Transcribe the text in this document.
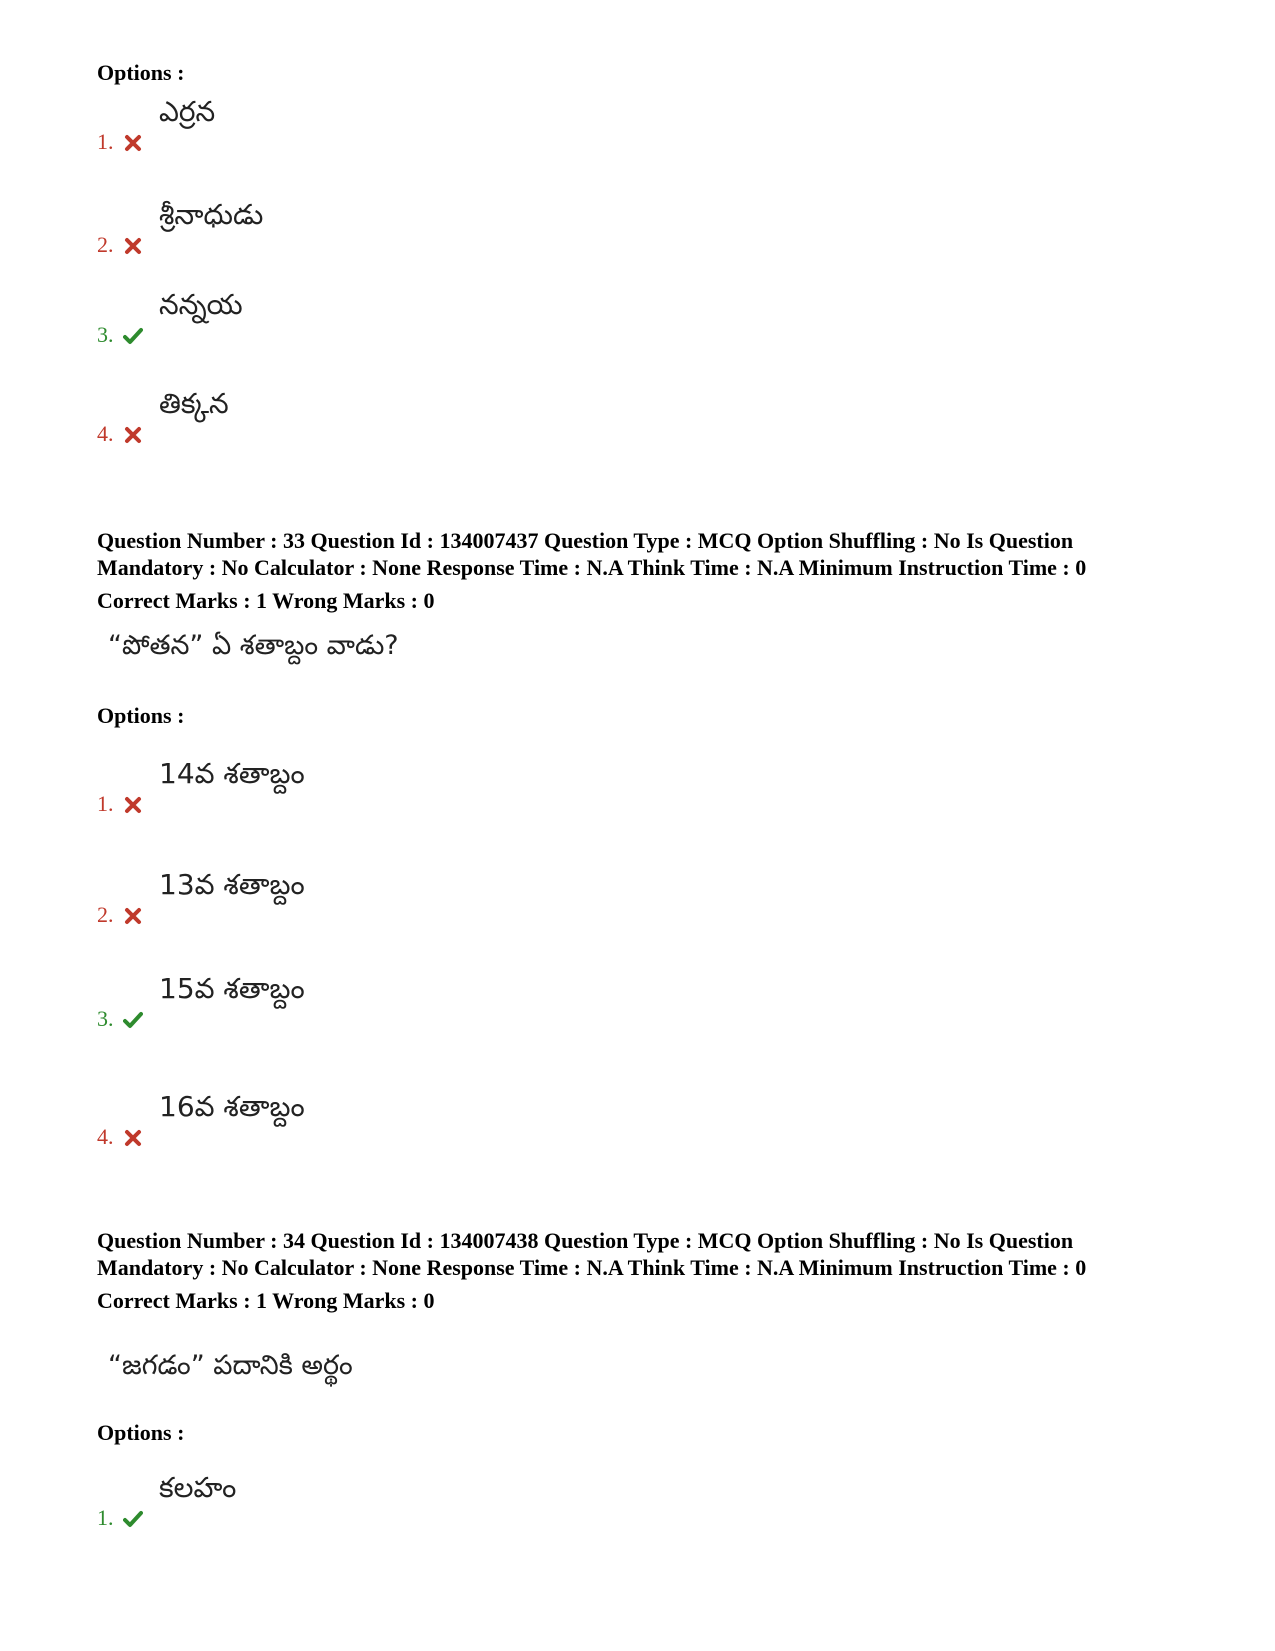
Options :
ఎర్రన
1.
శ్రీనాధుడు
2.
నన్నయ
3.
తిక్కన
4.
Question Number : 33 Question Id : 134007437 Question Type : MCQ Option Shuffling : No Is Question
Mandatory : No Calculator : None Response Time : N.A Think Time : N.A Minimum Instruction Time : 0
Correct Marks : 1 Wrong Marks : 0
“పోతన” ఏ శతాబ్దం వాడు?
Options :
14వ శతాబ్దం
1.
13వ శతాబ్దం
2.
15వ శతాబ్దం
3.
16వ శతాబ్దం
4.
Question Number : 34 Question Id : 134007438 Question Type : MCQ Option Shuffling : No Is Question
Mandatory : No Calculator : None Response Time : N.A Think Time : N.A Minimum Instruction Time : 0
Correct Marks : 1 Wrong Marks : 0
“జగడం” పదానికి అర్థం
Options :
కలహం
1.
